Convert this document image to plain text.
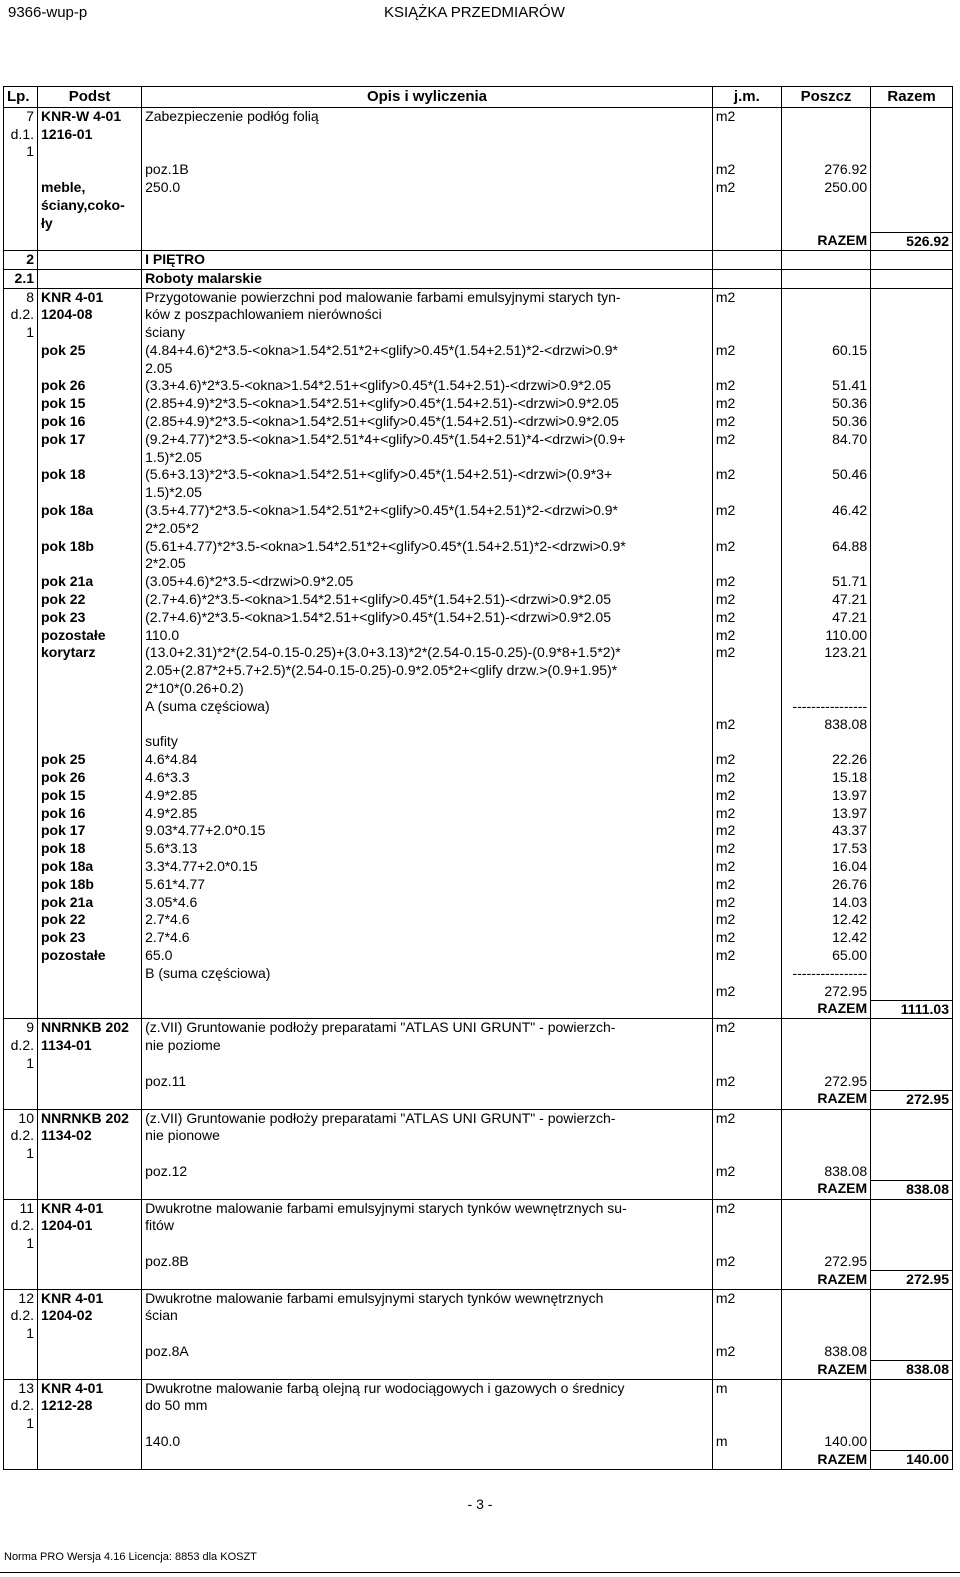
9366-wup-p	KSIĄŻKA PRZEDMIARÓW
Lp.	Podst	Opis i wyliczenia	j.m.	Poszcz	Razem
7	KNR-W 4-01	Zabezpieczenie podłóg folią	m2		
d.1.	1216-01				
1					
		poz.1B	m2	276.92	
	meble,	250.0	m2	250.00	
	ściany,coko-				
	ły				
				RAZEM	526.92
2		I PIĘTRO			
2.1		Roboty malarskie			
8	KNR 4-01	Przygotowanie powierzchni pod malowanie farbami emulsyjnymi starych tyn-	m2		
d.2.	1204-08	ków z poszpachlowaniem nierówności			
1		ściany			
	pok 25	(4.84+4.6)*2*3.5-<okna>1.54*2.51*2+<glify>0.45*(1.54+2.51)*2-<drzwi>0.9*	m2	60.15	
		2.05			
	pok 26	(3.3+4.6)*2*3.5-<okna>1.54*2.51+<glify>0.45*(1.54+2.51)-<drzwi>0.9*2.05	m2	51.41	
	pok 15	(2.85+4.9)*2*3.5-<okna>1.54*2.51+<glify>0.45*(1.54+2.51)-<drzwi>0.9*2.05	m2	50.36	
	pok 16	(2.85+4.9)*2*3.5-<okna>1.54*2.51+<glify>0.45*(1.54+2.51)-<drzwi>0.9*2.05	m2	50.36	
	pok 17	(9.2+4.77)*2*3.5-<okna>1.54*2.51*4+<glify>0.45*(1.54+2.51)*4-<drzwi>(0.9+	m2	84.70	
		1.5)*2.05			
	pok 18	(5.6+3.13)*2*3.5-<okna>1.54*2.51+<glify>0.45*(1.54+2.51)-<drzwi>(0.9*3+	m2	50.46	
		1.5)*2.05			
	pok 18a	(3.5+4.77)*2*3.5-<okna>1.54*2.51*2+<glify>0.45*(1.54+2.51)*2-<drzwi>0.9*	m2	46.42	
		2*2.05*2			
	pok 18b	(5.61+4.77)*2*3.5-<okna>1.54*2.51*2+<glify>0.45*(1.54+2.51)*2-<drzwi>0.9*	m2	64.88	
		2*2.05			
	pok 21a	(3.05+4.6)*2*3.5-<drzwi>0.9*2.05	m2	51.71	
	pok 22	(2.7+4.6)*2*3.5-<okna>1.54*2.51+<glify>0.45*(1.54+2.51)-<drzwi>0.9*2.05	m2	47.21	
	pok 23	(2.7+4.6)*2*3.5-<okna>1.54*2.51+<glify>0.45*(1.54+2.51)-<drzwi>0.9*2.05	m2	47.21	
	pozostałe	110.0	m2	110.00	
	korytarz	(13.0+2.31)*2*(2.54-0.15-0.25)+(3.0+3.13)*2*(2.54-0.15-0.25)-(0.9*8+1.5*2)*	m2	123.21	
		2.05+(2.87*2+5.7+2.5)*(2.54-0.15-0.25)-0.9*2.05*2+<glify drzw.>(0.9+1.95)*			
		2*10*(0.26+0.2)			
		A (suma częściowa)		----------------	
			m2	838.08	
		sufity			
	pok 25	4.6*4.84	m2	22.26	
	pok 26	4.6*3.3	m2	15.18	
	pok 15	4.9*2.85	m2	13.97	
	pok 16	4.9*2.85	m2	13.97	
	pok 17	9.03*4.77+2.0*0.15	m2	43.37	
	pok 18	5.6*3.13	m2	17.53	
	pok 18a	3.3*4.77+2.0*0.15	m2	16.04	
	pok 18b	5.61*4.77	m2	26.76	
	pok 21a	3.05*4.6	m2	14.03	
	pok 22	2.7*4.6	m2	12.42	
	pok 23	2.7*4.6	m2	12.42	
	pozostałe	65.0	m2	65.00	
		B (suma częściowa)		----------------	
			m2	272.95	
				RAZEM	1111.03
9	NNRNKB 202	(z.VII) Gruntowanie podłoży preparatami "ATLAS UNI GRUNT" - powierzch-	m2		
d.2.	1134-01	nie poziome			
1					
		poz.11	m2	272.95	
				RAZEM	272.95
10	NNRNKB 202	(z.VII) Gruntowanie podłoży preparatami "ATLAS UNI GRUNT" - powierzch-	m2		
d.2.	1134-02	nie pionowe			
1					
		poz.12	m2	838.08	
				RAZEM	838.08
11	KNR 4-01	Dwukrotne malowanie farbami emulsyjnymi starych tynków wewnętrznych su-	m2		
d.2.	1204-01	fitów			
1					
		poz.8B	m2	272.95	
				RAZEM	272.95
12	KNR 4-01	Dwukrotne malowanie farbami emulsyjnymi starych tynków wewnętrznych	m2		
d.2.	1204-02	ścian			
1					
		poz.8A	m2	838.08	
				RAZEM	838.08
13	KNR 4-01	Dwukrotne malowanie farbą olejną rur wodociągowych i gazowych o średnicy	m		
d.2.	1212-28	do 50 mm			
1					
		140.0	m	140.00	
				RAZEM	140.00
- 3 -
Norma PRO Wersja 4.16 Licencja: 8853 dla KOSZT
